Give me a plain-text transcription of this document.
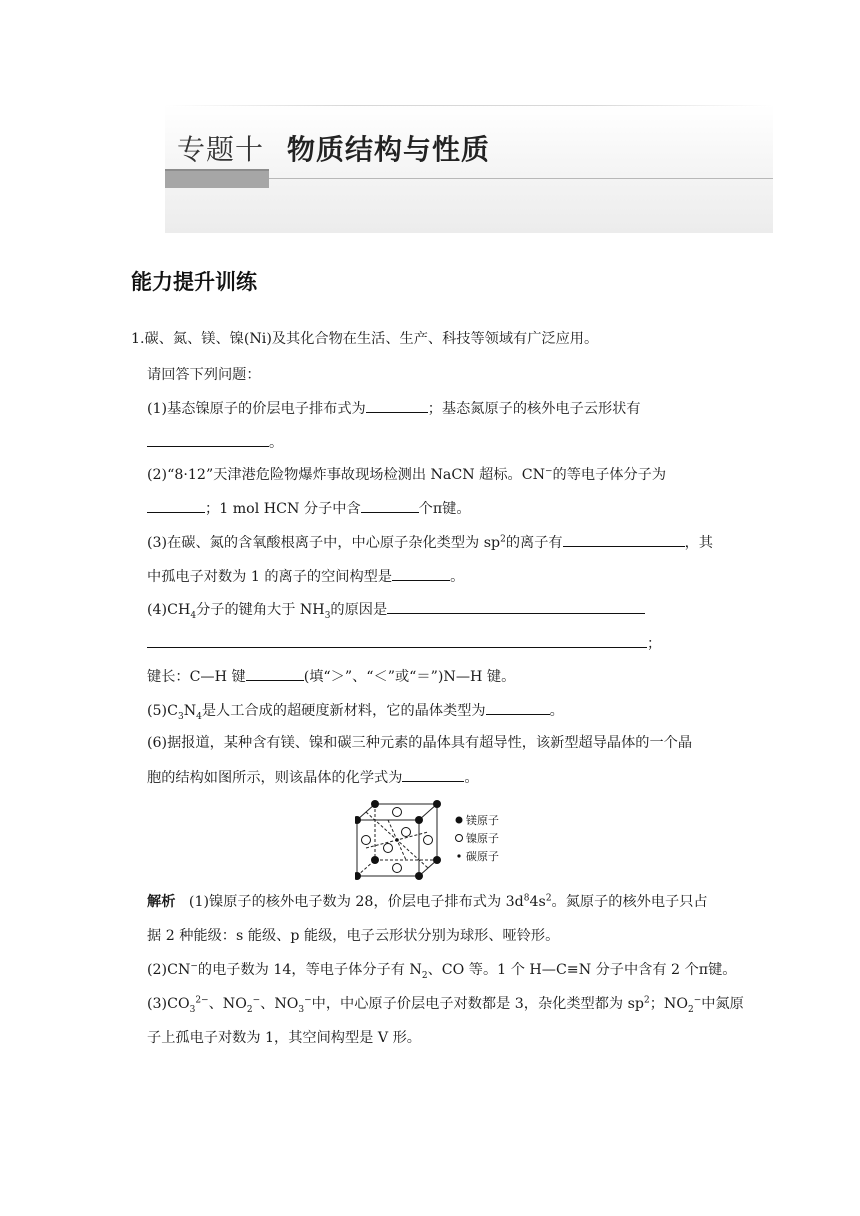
专题十 物质结构与性质
能力提升训练
1.碳、氮、镁、镍(Ni)及其化合物在生活、生产、科技等领域有广泛应用。
请回答下列问题：
(1)基态镍原子的价层电子排布式为	；基态氮原子的核外电子云形状有
。
(2)“8·12”天津港危险物爆炸事故现场检测出 NaCN 超标。CN−的等电子体分子为
；1 mol HCN 分子中含	个π键。
(3)在碳、氮的含氧酸根离子中，中心原子杂化类型为 $sp^2$的离子有	，其
中孤电子对数为 1 的离子的空间构型是	。
$(4)CH_4$分子的键角大于 $NH_3$的原因是
；
键长：C—H 键	(填“＞”、“＜”或“＝”)N—H 键。
$(5)C_3N_4$是人工合成的超硬度新材料，它的晶体类型为	。
(6)据报道，某种含有镁、镍和碳三种元素的晶体具有超导性，该新型超导晶体的一个晶
胞的结构如图所示，则该晶体的化学式为	。
镁原子
镍原子
碳原子
解析 (1)镍原子的核外电子数为 28，价层电子排布式为 $3d^84s^2$。氮原子的核外电子只占
据 2 种能级：s 能级、p 能级，电子云形状分别为球形、哑铃形。
(2)CN−的电子数为 14，等电子体分子有 $N_2$、CO 等。1 个 H—C≡N 分子中含有 2 个π键。
$(3)CO_3^{2-}$、$NO_2^-$、$NO_3^-$中，中心原子价层电子对数都是 3，杂化类型都为 $sp^2$；$NO_2^-$中氮原
子上孤电子对数为 1，其空间构型是 V 形。
